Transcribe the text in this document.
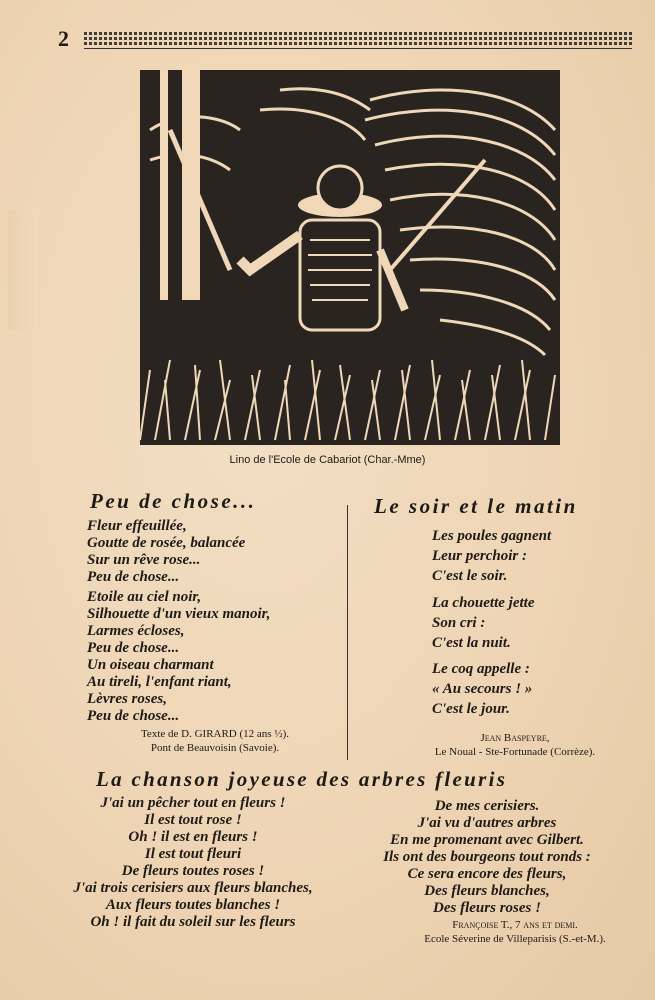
2
Lino de l'Ecole de Cabariot (Char.-Mme)
Peu de chose...
Fleur effeuillée,
Goutte de rosée, balancée
Sur un rêve rose...
Peu de chose...
Etoile au ciel noir,
Silhouette d'un vieux manoir,
Larmes écloses,
Peu de chose...
Un oiseau charmant
Au tireli, l'enfant riant,
Lèvres roses,
Peu de chose...
Texte de D. GIRARD (12 ans ½).
Pont de Beauvoisin (Savoie).
Le soir et le matin
Les poules gagnent
Leur perchoir :
C'est le soir.
La chouette jette
Son cri :
C'est la nuit.
Le coq appelle :
« Au secours ! »
C'est le jour.
Jean Baspeyre,
Le Noual - Ste-Fortunade (Corrèze).
La chanson joyeuse des arbres fleuris
J'ai un pêcher tout en fleurs !
Il est tout rose !
Oh ! il est en fleurs !
Il est tout fleuri
De fleurs toutes roses !
J'ai trois cerisiers aux fleurs blanches,
Aux fleurs toutes blanches !
Oh ! il fait du soleil sur les fleurs
De mes cerisiers.
J'ai vu d'autres arbres
En me promenant avec Gilbert.
Ils ont des bourgeons tout ronds :
Ce sera encore des fleurs,
Des fleurs blanches,
Des fleurs roses !
Françoise T., 7 ans et demi.
Ecole Séverine de Villeparisis (S.-et-M.).
